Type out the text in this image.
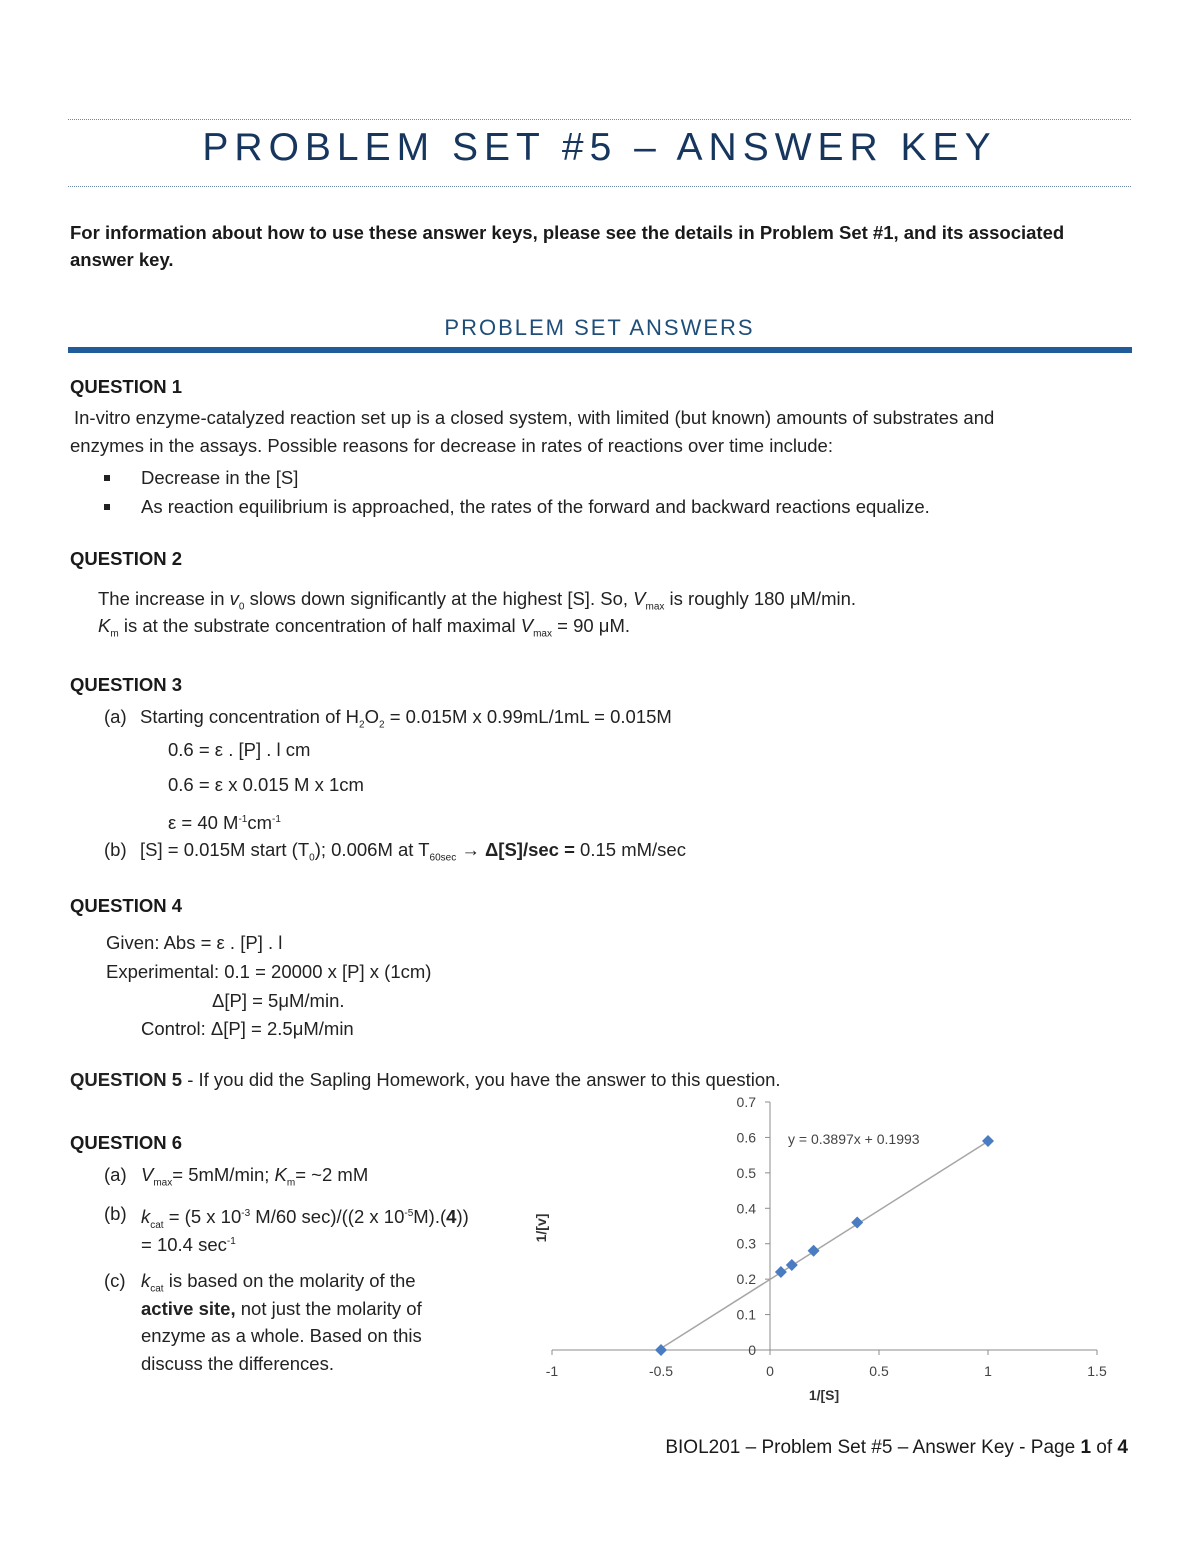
PROBLEM SET #5 – ANSWER KEY
For information about how to use these answer keys, please see the details in Problem Set #1, and its associated answer key.
PROBLEM SET ANSWERS
QUESTION 1
In-vitro enzyme-catalyzed reaction set up is a closed system, with limited (but known) amounts of substrates and
enzymes in the assays. Possible reasons for decrease in rates of reactions over time include:
Decrease in the [S]
As reaction equilibrium is approached, the rates of the forward and backward reactions equalize.
QUESTION 2
The increase in $v_0$ slows down significantly at the highest [S]. So, $V_{max}$ is roughly 180 μM/min.
$K_m$ is at the substrate concentration of half maximal $V_{max} = 90$ μM.
QUESTION 3
(a) Starting concentration of $H_2O_2 = 0.015M$ x 0.99mL/1mL = 0.015M
0.6 = ε . [P] . l cm
0.6 = ε x 0.015 M x 1cm
ε = 40 $M^{-1}cm^{-1}$
(b) [S] = 0.015M start $(T_0)$; 0.006M at $T_{60sec} \to \Delta[S]/\sec = 0.15$ mM/sec
QUESTION 4
Given: Abs = ε . [P] . l
Experimental: 0.1 = 20000 x [P] x (1cm)
Δ[P] = 5μM/min.
Control: Δ[P] = 2.5μM/min
QUESTION 5 - If you did the Sapling Homework, you have the answer to this question.
QUESTION 6
(a) $V_{max}= 5mM/\min$; $K_m=$ ~2 mM
(b) $k_{cat} = (5$ x $10^{-3}$ M/60 sec)/((2 x $10^{-5}M).(4)$)
= 10.4 $\sec^{-1}$
(c) $k_{cat}$ is based on the molarity of the
active site, not just the molarity of
enzyme as a whole. Based on this
discuss the differences.
y = 0.3897x + 0.1993
1/[v]
1/[S]
-1	-0.5	0	0.5	1	1.5
0
0.1
0.2
0.3
0.4
0.5
0.6
0.7
BIOL201 – Problem Set #5 – Answer Key - Page 1 of 4
